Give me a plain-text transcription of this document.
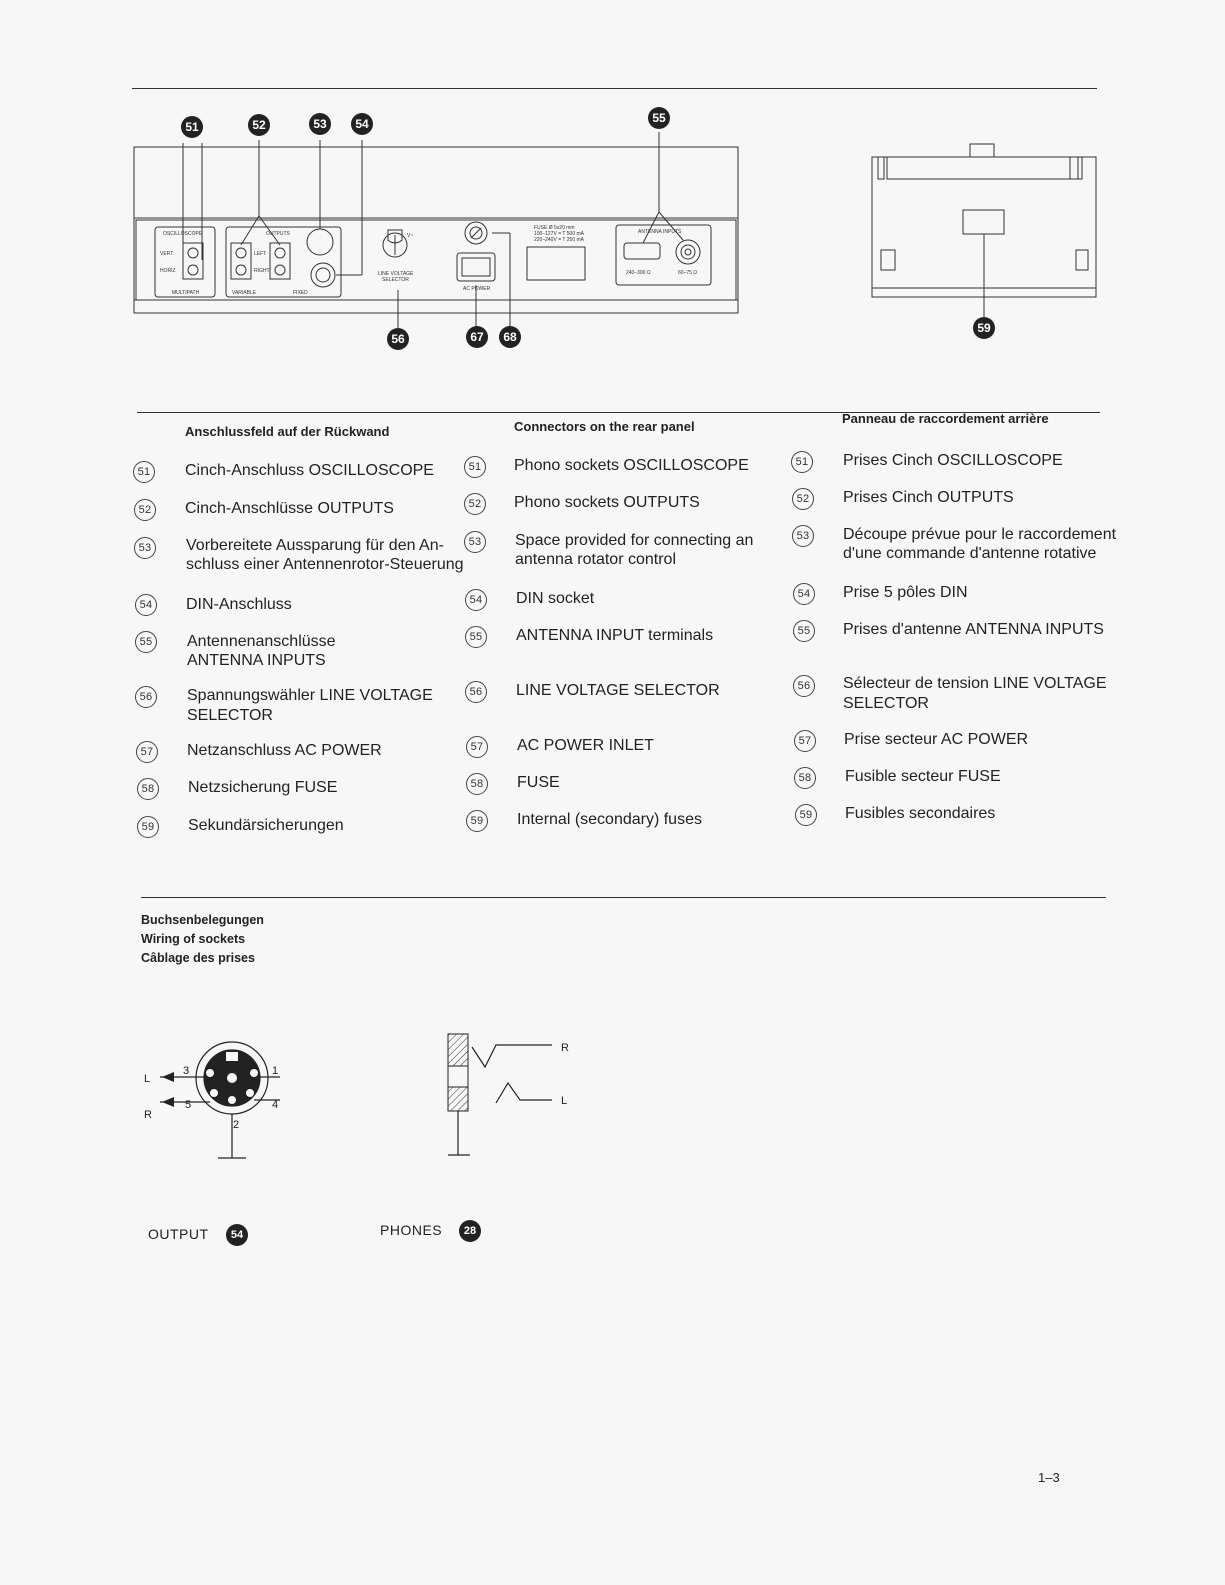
OSCILLOSCOPE
VERT
HORIZ
MULTIPATH
OUTPUTS
LEFT
RIGHT
VARIABLE	FIXED
LINE VOLTAGE
SELECTOR
V~
AC POWER
FUSE Ø 5x20 mm
100–127V = T 500 mA
220–240V = T 250 mA
ANTENNA INPUTS
240–300 Ω	60–75 Ω
51	52	53 54	55
56	67 68
59
Anschlussfeld auf der Rückwand	Connectors on the rear panel
Panneau de raccordement arrière
51 Cinch-Anschluss OSCILLOSCOPE
52 Cinch-Anschlüsse OUTPUTS
53 Vorbereitete Aussparung für den An-
schluss einer Antennenrotor-Steuerung
54 DIN-Anschluss
55 Antennenanschlüsse
ANTENNA INPUTS
56 Spannungswähler LINE VOLTAGE
SELECTOR
57 Netzanschluss AC POWER
58 Netzsicherung FUSE
59 Sekundärsicherungen
51 Phono sockets OSCILLOSCOPE
52 Phono sockets OUTPUTS
53 Space provided for connecting an
antenna rotator control
54 DIN socket
55 ANTENNA INPUT terminals
56 LINE VOLTAGE SELECTOR
57 AC POWER INLET
58 FUSE
59 Internal (secondary) fuses
51 Prises Cinch OSCILLOSCOPE
52 Prises Cinch OUTPUTS
53 Découpe prévue pour le raccordement
d'une commande d'antenne rotative
54 Prise 5 pôles DIN
55 Prises d'antenne ANTENNA INPUTS
56 Sélecteur de tension LINE VOLTAGE
SELECTOR
57 Prise secteur AC POWER
58 Fusible secteur FUSE
59 Fusibles secondaires
Buchsenbelegungen
Wiring of sockets
Câblage des prises
L
R
1
2
3
4
5
R
L
OUTPUT	54	PHONES	28
1–3
